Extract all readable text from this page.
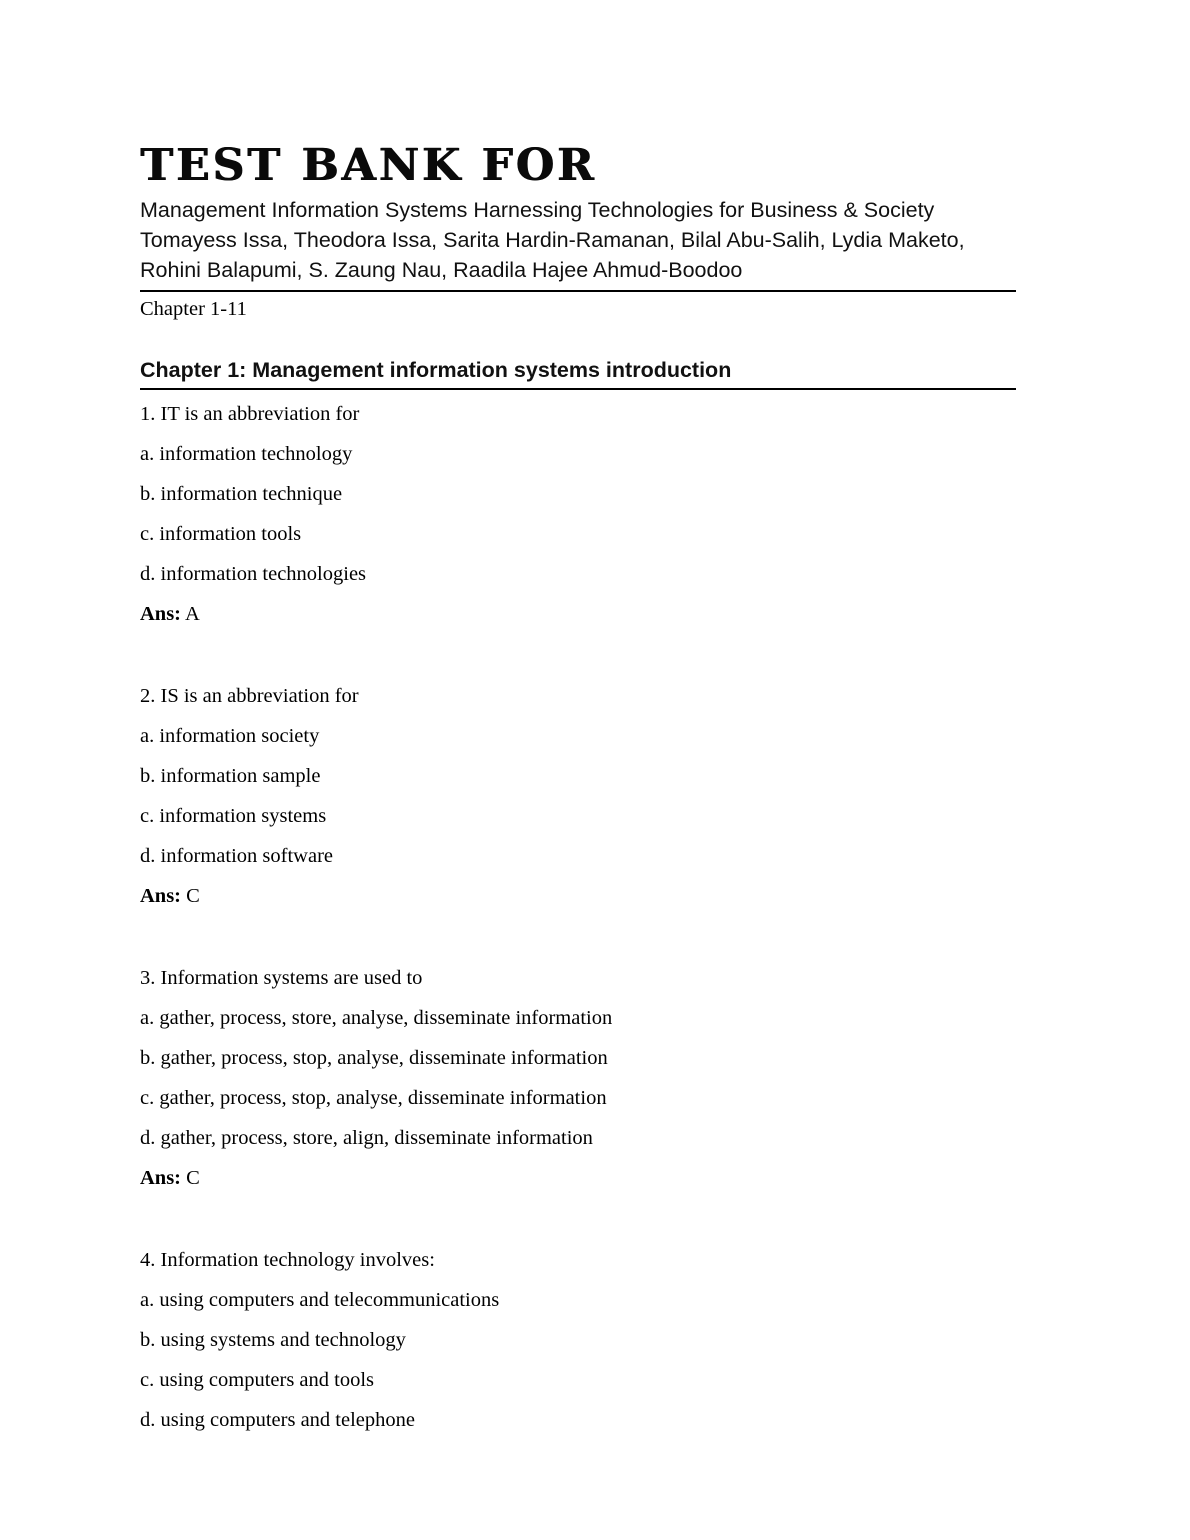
TEST BANK FOR

Management Information Systems Harnessing Technologies for Business & Society Tomayess Issa, Theodora Issa, Sarita Hardin-Ramanan, Bilal Abu-Salih, Lydia Maketo, Rohini Balapumi, S. Zaung Nau, Raadila Hajee Ahmud-Boodoo

Chapter 1-11

Chapter 1: Management information systems introduction

1. IT is an abbreviation for

a. information technology

b. information technique

c. information tools

d. information technologies

Ans: A

2. IS is an abbreviation for

a. information society

b. information sample

c. information systems

d. information software

Ans: C

3. Information systems are used to

a. gather, process, store, analyse, disseminate information

b. gather, process, stop, analyse, disseminate information

c. gather, process, stop, analyse, disseminate information

d. gather, process, store, align, disseminate information

Ans: C

4. Information technology involves:

a. using computers and telecommunications

b. using systems and technology

c. using computers and tools

d. using computers and telephone
